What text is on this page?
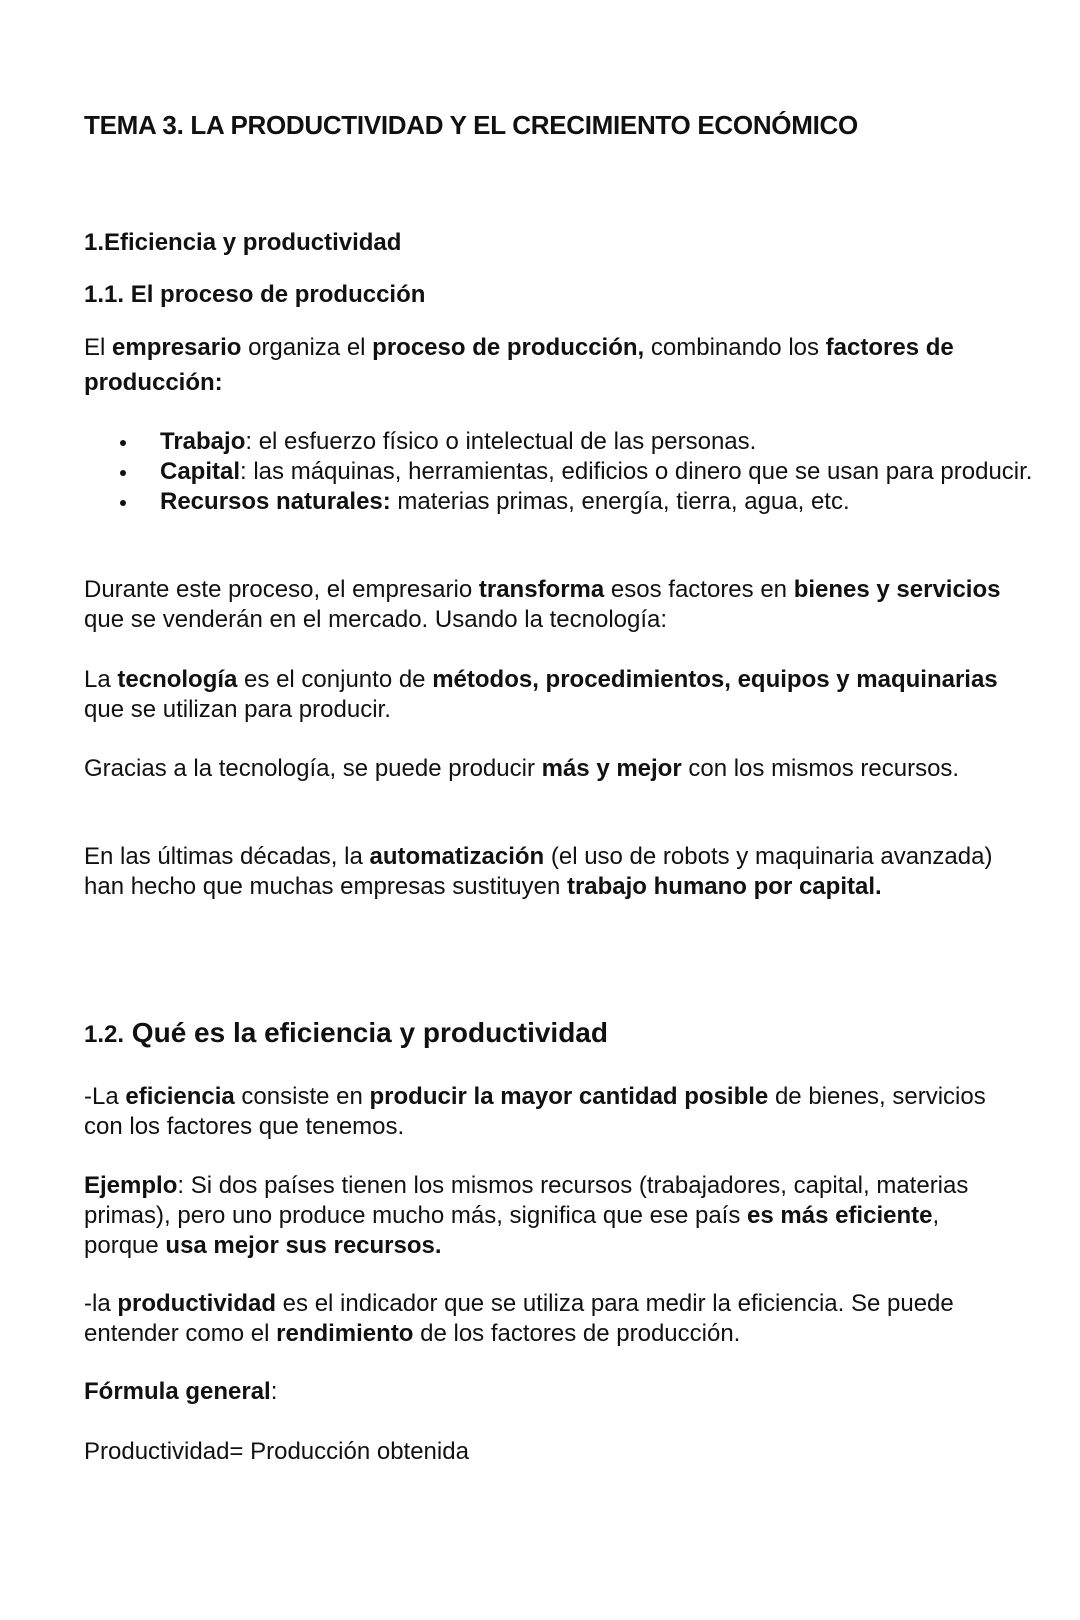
TEMA 3. LA PRODUCTIVIDAD Y EL CRECIMIENTO ECONÓMICO
1.Eficiencia y productividad
1.1. El proceso de producción
El empresario organiza el proceso de producción, combinando los factores de producción:
Trabajo: el esfuerzo físico o intelectual de las personas.
Capital: las máquinas, herramientas, edificios o dinero que se usan para producir.
Recursos naturales: materias primas, energía, tierra, agua, etc.
Durante este proceso, el empresario transforma esos factores en bienes y servicios que se venderán en el mercado. Usando la tecnología:
La tecnología es el conjunto de métodos, procedimientos, equipos y maquinarias que se utilizan para producir.
Gracias a la tecnología, se puede producir más y mejor con los mismos recursos.
En las últimas décadas, la automatización (el uso de robots y maquinaria avanzada) han hecho que muchas empresas sustituyen trabajo humano por capital.
1.2. Qué es la eficiencia y productividad
-La eficiencia consiste en producir la mayor cantidad posible de bienes, servicios con los factores que tenemos.
Ejemplo: Si dos países tienen los mismos recursos (trabajadores, capital, materias primas), pero uno produce mucho más, significa que ese país es más eficiente, porque usa mejor sus recursos.
-la productividad es el indicador que se utiliza para medir la eficiencia. Se puede entender como el rendimiento de los factores de producción.
Fórmula general:
Productividad= Producción obtenida
